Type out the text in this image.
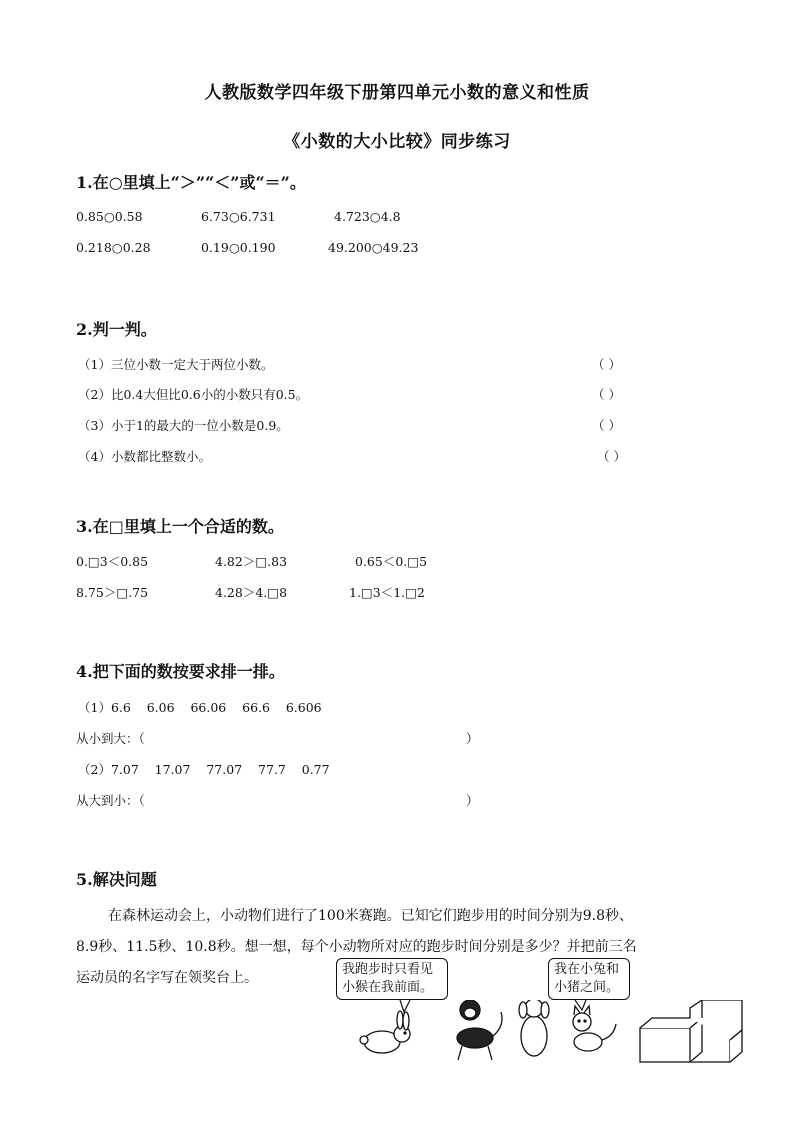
人教版数学四年级下册第四单元小数的意义和性质
《小数的大小比较》同步练习
1.在○里填上“＞”“＜”或“＝”。
0.85○0.58	6.73○6.731	4.723○4.8
0.218○0.28	0.19○0.190	49.200○49.23
2.判一判。
（1）三位小数一定大于两位小数。	（ ）
（2）比0.4大但比0.6小的小数只有0.5。	（ ）
（3）小于1的最大的一位小数是0.9。	（ ）
（4）小数都比整数小。	（ ）
3.在□里填上一个合适的数。
0.□3＜0.85	4.82＞□.83	0.65＜0.□5
8.75＞□.75	4.28＞4.□8	1.□3＜1.□2
4.把下面的数按要求排一排。
（1）6.6    6.06    66.06    66.6    6.606
从小到大：（	）
（2）7.07    17.07    77.07    77.7    0.77
从大到小：（	）
5.解决问题
在森林运动会上，小动物们进行了100米赛跑。已知它们跑步用的时间分别为9.8秒、
8.9秒、11.5秒、10.8秒。想一想，每个小动物所对应的跑步时间分别是多少？并把前三名
运动员的名字写在领奖台上。
我跑步时只看见小猴在我前面。
我在小兔和小猪之间。
